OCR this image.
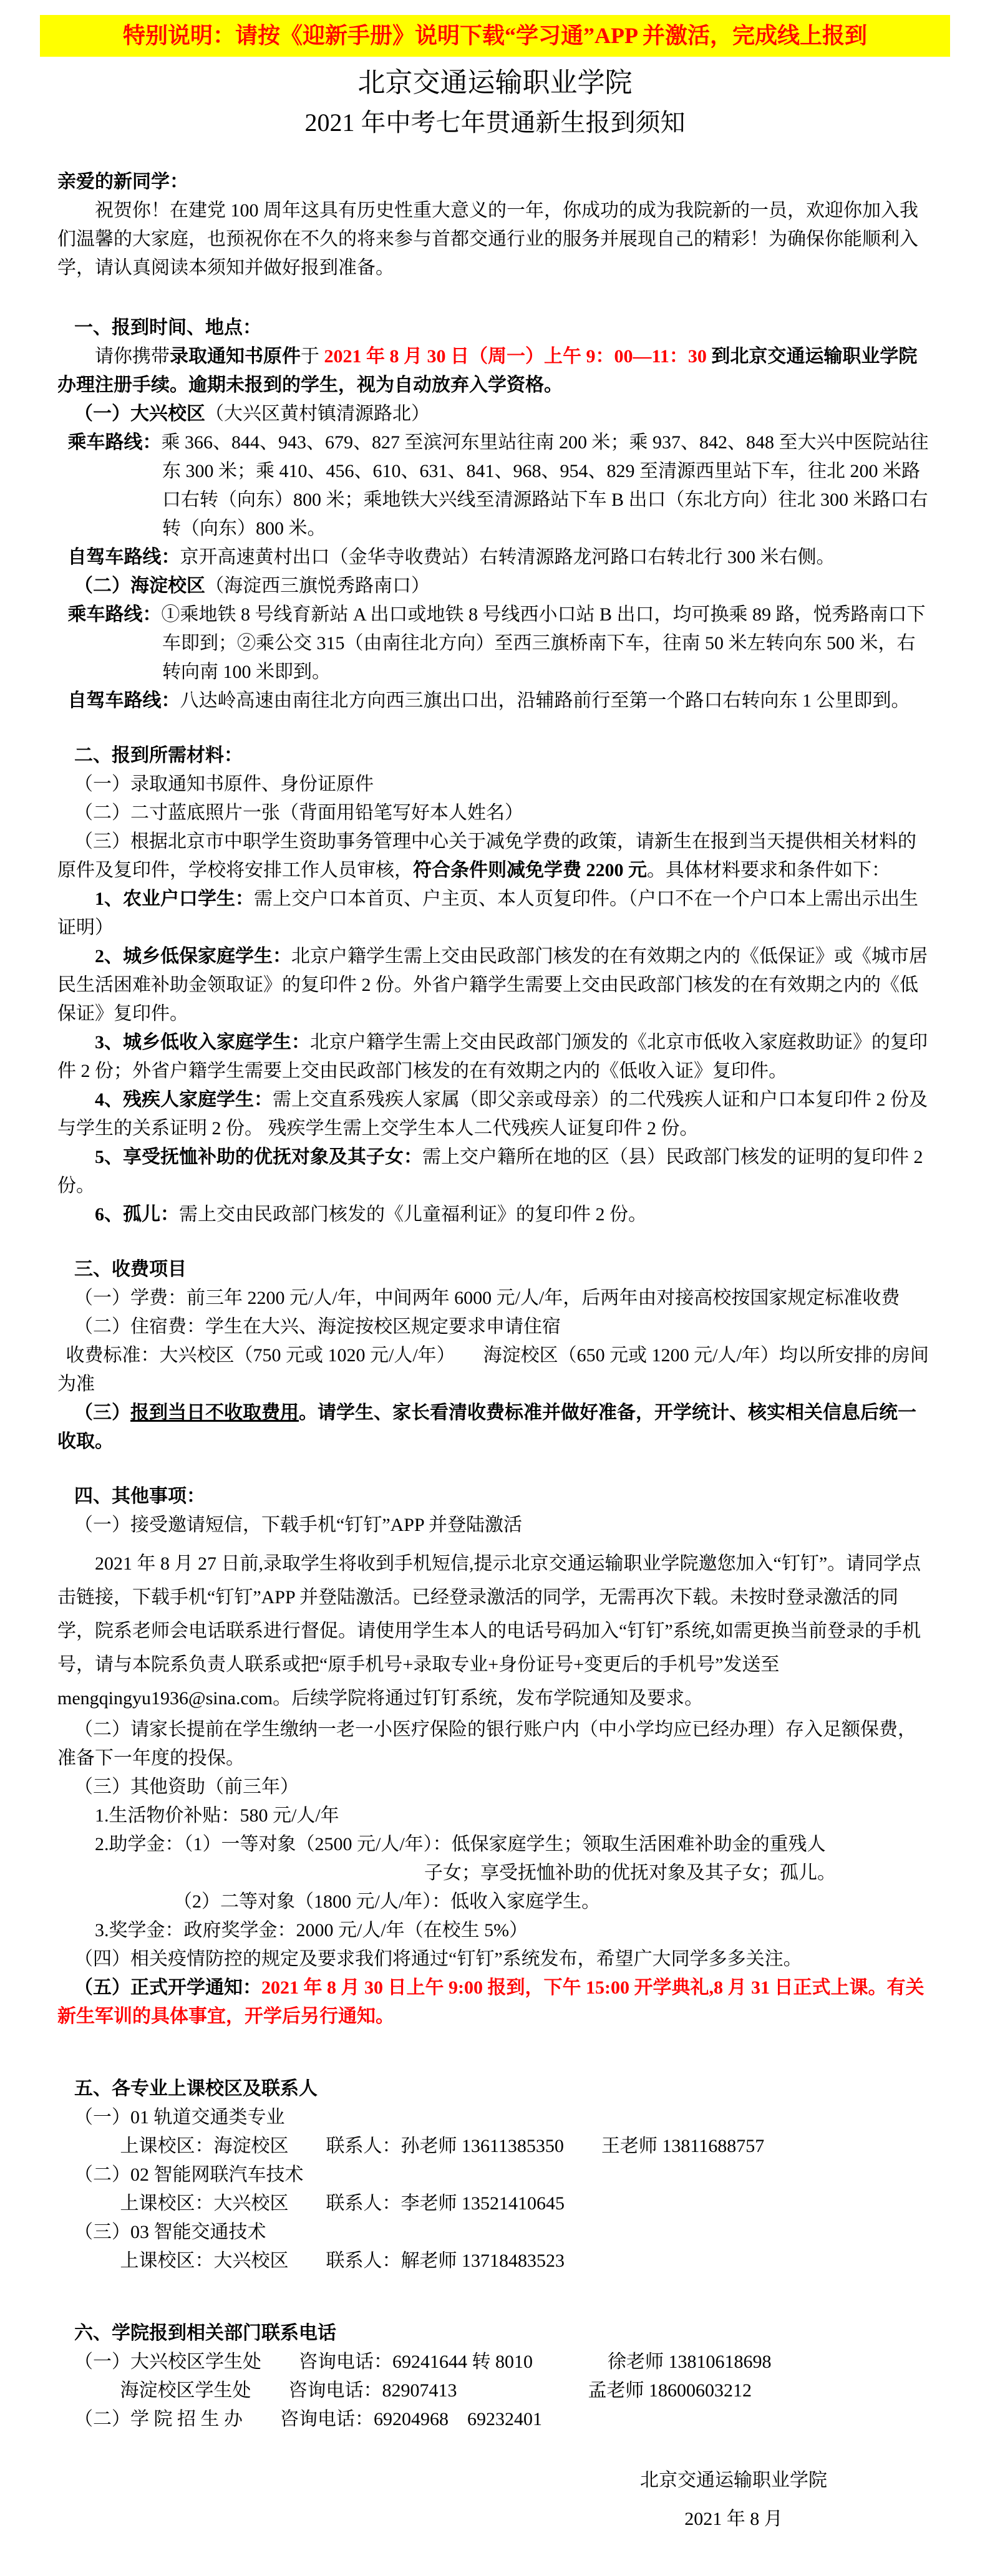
特别说明：请按《迎新手册》说明下载“学习通”APP 并激活，完成线上报到
北京交通运输职业学院
2021 年中考七年贯通新生报到须知

亲爱的新同学：

祝贺你！在建党 100 周年这具有历史性重大意义的一年，你成功的成为我院新的一员，欢迎你加入我们温馨的大家庭，也预祝你在不久的将来参与首都交通行业的服务并展现自己的精彩！为确保你能顺利入学，请认真阅读本须知并做好报到准备。

一、报到时间、地点：

请你携带录取通知书原件于 2021 年 8 月 30 日（周一）上午 9：00—11：30 到北京交通运输职业学院办理注册手续。逾期未报到的学生，视为自动放弃入学资格。

（一）大兴校区（大兴区黄村镇清源路北）

乘车路线：乘 366、844、943、679、827 至滨河东里站往南 200 米；乘 937、842、848 至大兴中医院站往东 300 米；乘 410、456、610、631、841、968、954、829 至清源西里站下车，往北 200 米路口右转（向东）800 米；乘地铁大兴线至清源路站下车 B 出口（东北方向）往北 300 米路口右转（向东）800 米。

自驾车路线：京开高速黄村出口（金华寺收费站）右转清源路龙河路口右转北行 300 米右侧。

（二）海淀校区（海淀西三旗悦秀路南口）

乘车路线：①乘地铁 8 号线育新站 A 出口或地铁 8 号线西小口站 B 出口，均可换乘 89 路，悦秀路南口下车即到；②乘公交 315（由南往北方向）至西三旗桥南下车，往南 50 米左转向东 500 米，右转向南 100 米即到。

自驾车路线：八达岭高速由南往北方向西三旗出口出，沿辅路前行至第一个路口右转向东 1 公里即到。

二、报到所需材料：

（一）录取通知书原件、身份证原件

（二）二寸蓝底照片一张（背面用铅笔写好本人姓名）

（三）根据北京市中职学生资助事务管理中心关于减免学费的政策，请新生在报到当天提供相关材料的原件及复印件，学校将安排工作人员审核，符合条件则减免学费 2200 元。具体材料要求和条件如下：

1、农业户口学生：需上交户口本首页、户主页、本人页复印件。（户口不在一个户口本上需出示出生证明）

2、城乡低保家庭学生：北京户籍学生需上交由民政部门核发的在有效期之内的《低保证》或《城市居民生活困难补助金领取证》的复印件 2 份。外省户籍学生需要上交由民政部门核发的在有效期之内的《低保证》复印件。

3、城乡低收入家庭学生：北京户籍学生需上交由民政部门颁发的《北京市低收入家庭救助证》的复印件 2 份；外省户籍学生需要上交由民政部门核发的在有效期之内的《低收入证》复印件。

4、残疾人家庭学生：需上交直系残疾人家属（即父亲或母亲）的二代残疾人证和户口本复印件 2 份及与学生的关系证明 2 份。 残疾学生需上交学生本人二代残疾人证复印件 2 份。

5、享受抚恤补助的优抚对象及其子女：需上交户籍所在地的区（县）民政部门核发的证明的复印件 2 份。

6、孤儿：需上交由民政部门核发的《儿童福利证》的复印件 2 份。

三、收费项目

（一）学费：前三年 2200 元/人/年，中间两年 6000 元/人/年，后两年由对接高校按国家规定标准收费

（二）住宿费：学生在大兴、海淀按校区规定要求申请住宿

收费标准：大兴校区（750 元或 1020 元/人/年）　　海淀校区（650 元或 1200 元/人/年）均以所安排的房间为准

（三）报到当日不收取费用。请学生、家长看清收费标准并做好准备，开学统计、核实相关信息后统一收取。

四、其他事项：

（一）接受邀请短信，下载手机“钉钉”APP 并登陆激活

2021 年 8 月 27 日前,录取学生将收到手机短信,提示北京交通运输职业学院邀您加入“钉钉”。请同学点击链接，下载手机“钉钉”APP 并登陆激活。已经登录激活的同学，无需再次下载。未按时登录激活的同学，院系老师会电话联系进行督促。请使用学生本人的电话号码加入“钉钉”系统,如需更换当前登录的手机号，请与本院系负责人联系或把“原手机号+录取专业+身份证号+变更后的手机号”发送至 mengqingyu1936@sina.com。后续学院将通过钉钉系统，发布学院通知及要求。

（二）请家长提前在学生缴纳一老一小医疗保险的银行账户内（中小学均应已经办理）存入足额保费，准备下一年度的投保。

（三）其他资助（前三年）

1.生活物价补贴：580 元/人/年

2.助学金：（1）一等对象（2500 元/人/年）：低保家庭学生；领取生活困难补助金的重残人

子女；享受抚恤补助的优抚对象及其子女；孤儿。

（2）二等对象（1800 元/人/年）：低收入家庭学生。

3.奖学金：政府奖学金：2000 元/人/年（在校生 5%）

（四）相关疫情防控的规定及要求我们将通过“钉钉”系统发布，希望广大同学多多关注。

（五）正式开学通知：2021 年 8 月 30 日上午 9:00 报到，下午 15:00 开学典礼,8 月 31 日正式上课。有关新生军训的具体事宜，开学后另行通知。

五、各专业上课校区及联系人

（一）01 轨道交通类专业

上课校区：海淀校区　　联系人：孙老师 13611385350　　王老师 13811688757

（二）02 智能网联汽车技术

上课校区：大兴校区　　联系人：李老师 13521410645

（三）03 智能交通技术

上课校区：大兴校区　　联系人：解老师 13718483523

六、学院报到相关部门联系电话

（一）大兴校区学生处　　咨询电话：69241644 转 8010　　　　徐老师 13810618698

海淀校区学生处　　咨询电话：82907413　　　　　　　孟老师 18600603212

（二）学 院 招 生 办　　咨询电话：69204968　69232401

北京交通运输职业学院

2021 年 8 月
